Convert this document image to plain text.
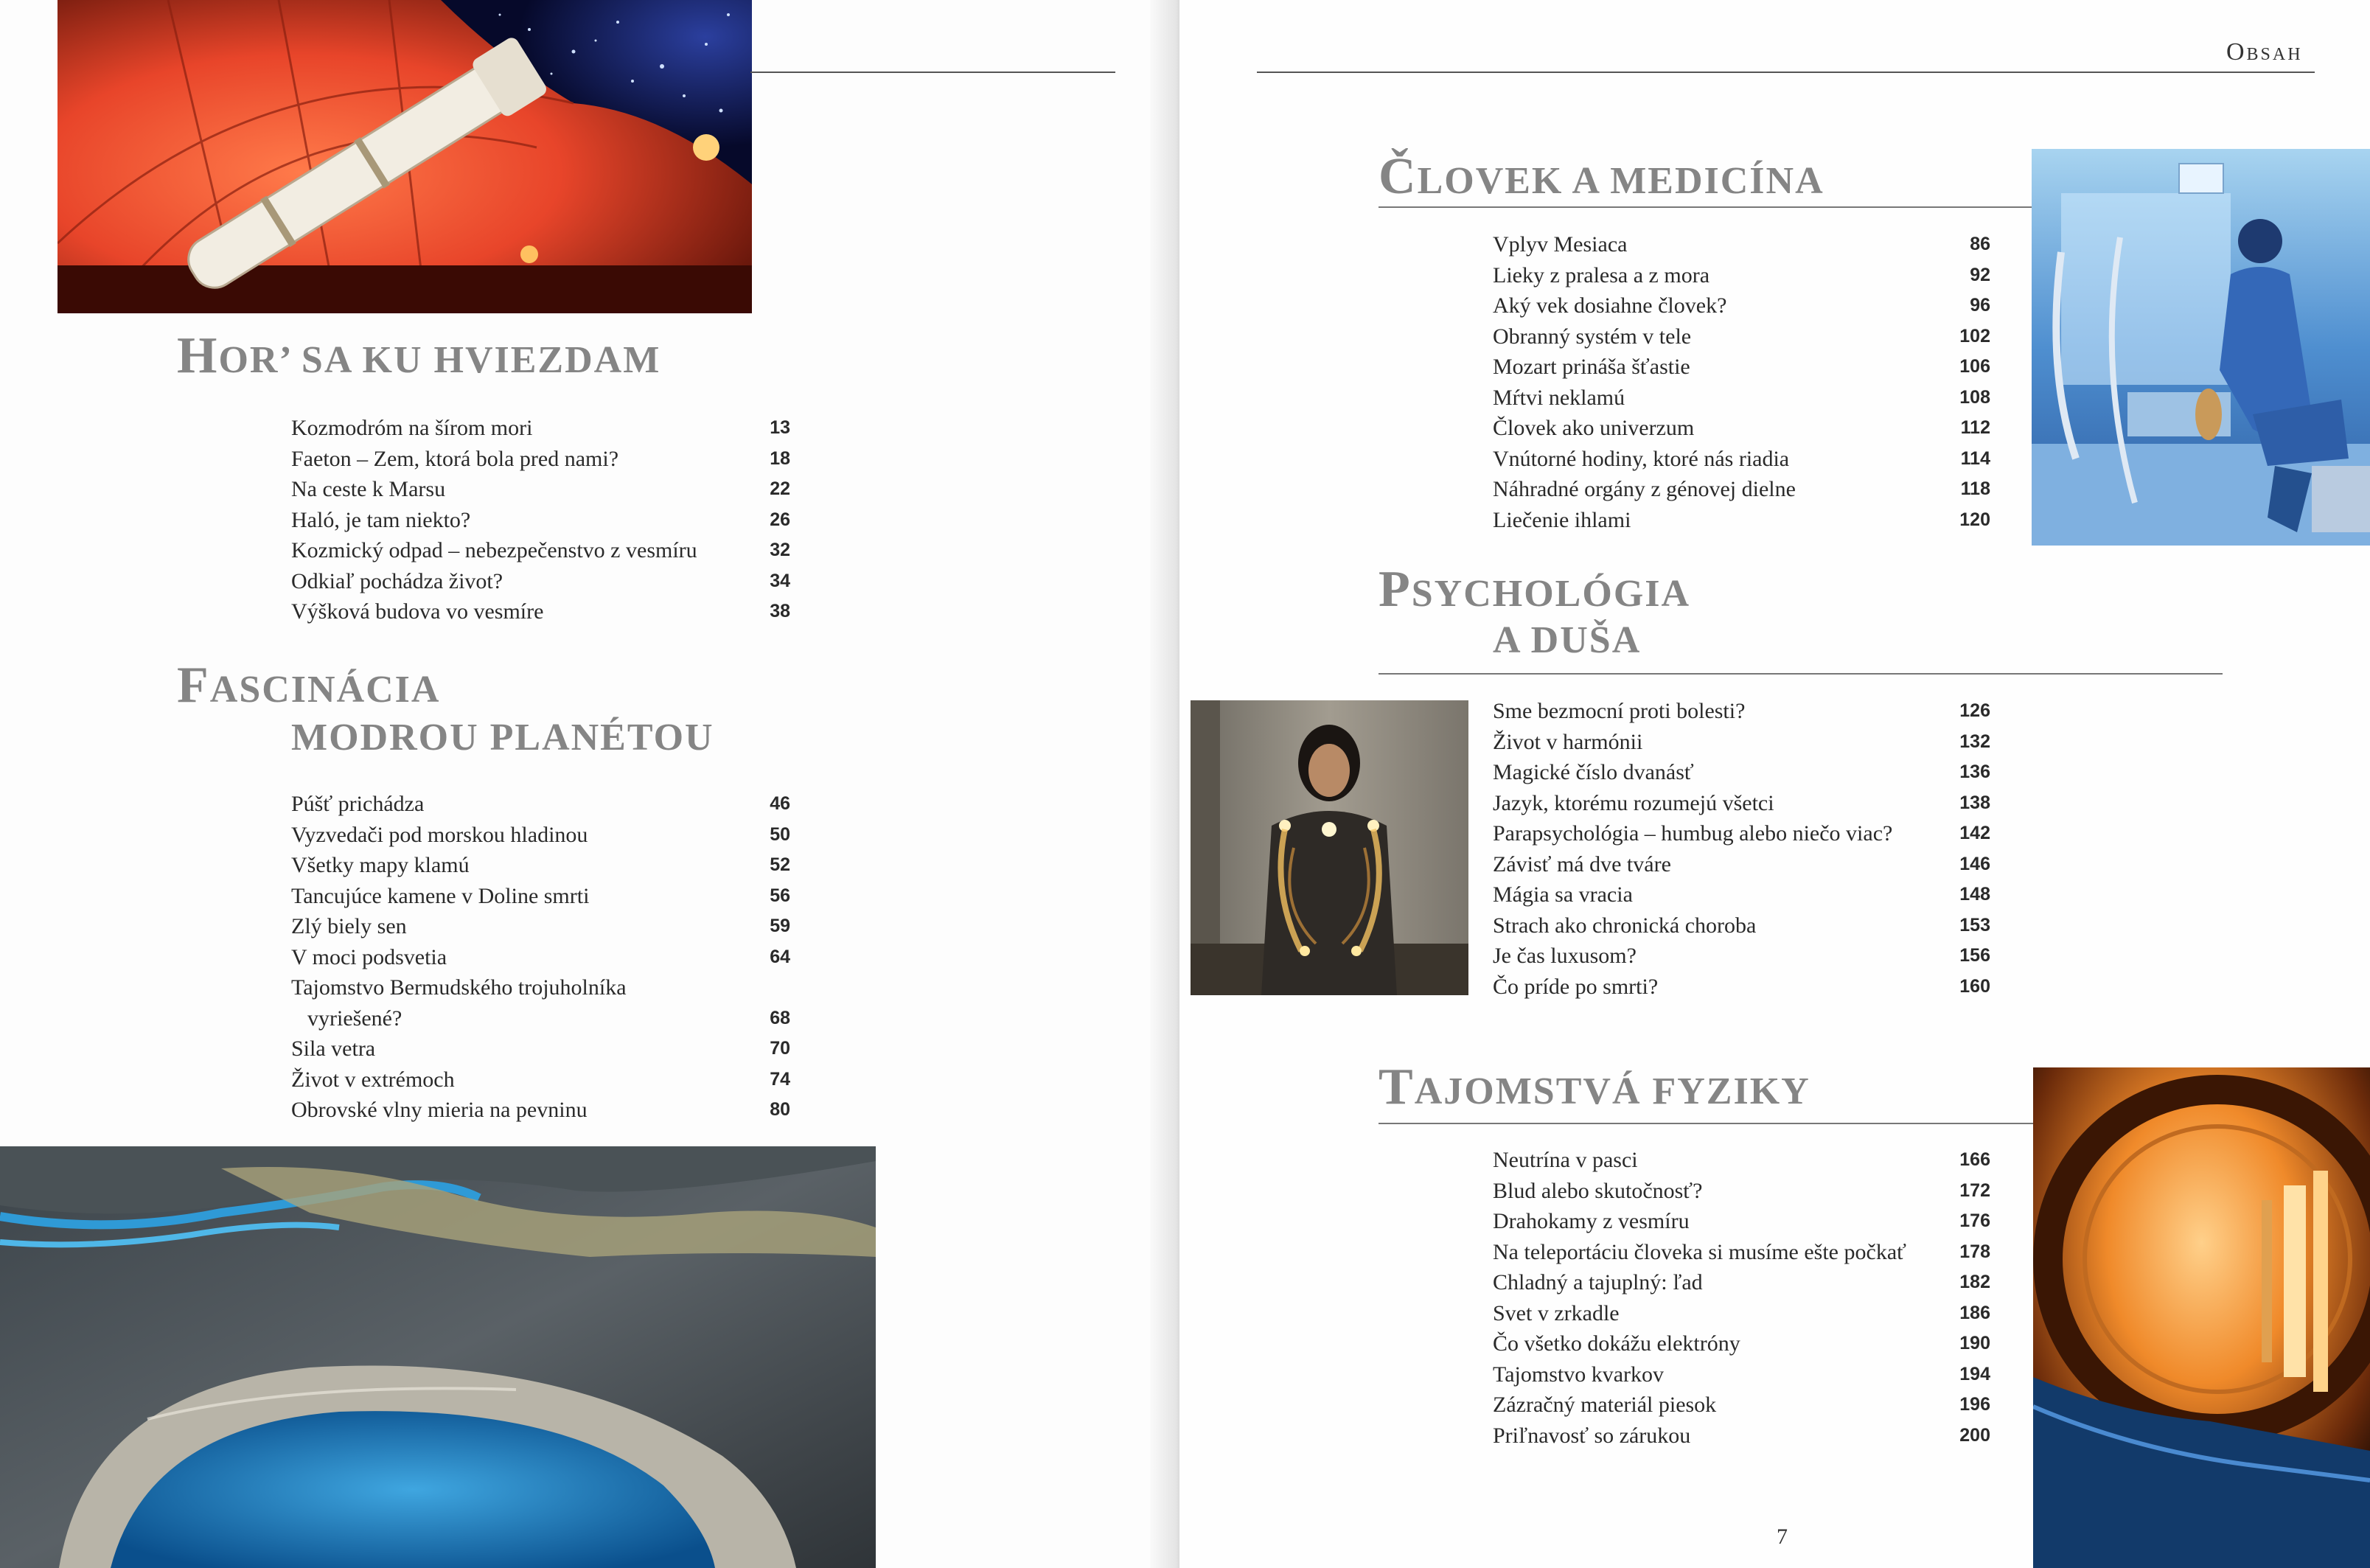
HOR’ SA KU HVIEZDAM
Kozmodróm na šírom mori	13
Faeton – Zem, ktorá bola pred nami?	18
Na ceste k Marsu	22
Haló, je tam niekto?	26
Kozmický odpad – nebezpečenstvo z vesmíru	32
Odkiaľ pochádza život?	34
Výšková budova vo vesmíre	38
FASCINÁCIA
MODROU PLANÉTOU
Púšť prichádza	46
Vyzvedači pod morskou hladinou	50
Všetky mapy klamú	52
Tancujúce kamene v Doline smrti	56
Zlý biely sen	59
V moci podsvetia	64
Tajomstvo Bermudského trojuholníka
vyriešené?	68
Sila vetra	70
Život v extrémoch	74
Obrovské vlny mieria na pevninu	80
Obsah
ČLOVEK A MEDICÍNA
Vplyv Mesiaca	86
Lieky z pralesa a z mora	92
Aký vek dosiahne človek?	96
Obranný systém v tele	102
Mozart prináša šťastie	106
Mŕtvi neklamú	108
Človek ako univerzum	112
Vnútorné hodiny, ktoré nás riadia	114
Náhradné orgány z génovej dielne	118
Liečenie ihlami	120
PSYCHOLÓGIA
A DUŠA
Sme bezmocní proti bolesti?	126
Život v harmónii	132
Magické číslo dvanásť	136
Jazyk, ktorému rozumejú všetci	138
Parapsychológia – humbug alebo niečo viac?	142
Závisť má dve tváre	146
Mágia sa vracia	148
Strach ako chronická choroba	153
Je čas luxusom?	156
Čo príde po smrti?	160
TAJOMSTVÁ FYZIKY
Neutrína v pasci	166
Blud alebo skutočnosť?	172
Drahokamy z vesmíru	176
Na teleportáciu človeka si musíme ešte počkať	178
Chladný a tajuplný: ľad	182
Svet v zrkadle	186
Čo všetko dokážu elektróny	190
Tajomstvo kvarkov	194
Zázračný materiál piesok	196
Priľnavosť so zárukou	200
7
